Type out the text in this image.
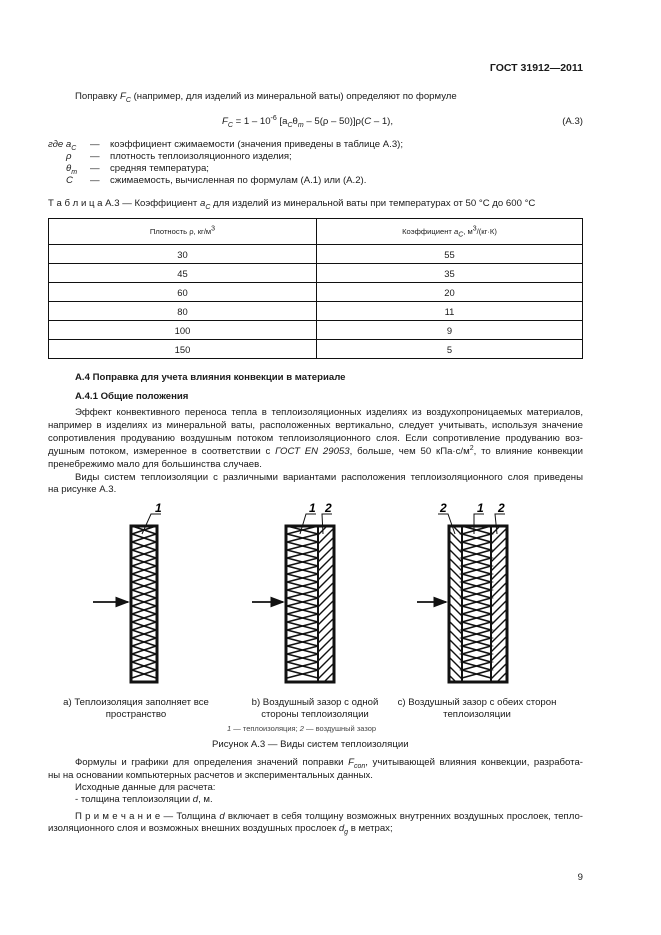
ГОСТ 31912—2011
Поправку $F_C$ (например, для изделий из минеральной ваты) определяют по формуле
$F_C = 1 - 10^{-6}$ $[a_C\theta_m - 5(\rho - 50)]\rho(C - 1)$,	(A.3)
где $a_C$ — коэффициент сжимаемости (значения приведены в таблице А.3);
ρ — плотность теплоизоляционного изделия;
$\theta_m$ — средняя температура;
C — сжимаемость, вычисленная по формулам (А.1) или (А.2).
Т а б л и ц а А.3 — Коэффициент $a_C$ для изделий из минеральной ваты при температурах от 50 °C до 600 °C
Плотность ρ, $кг/м^3$	Коэффициент $a_C$, $м^3/(кг\cdot К)$
30	55
45	35
60	20
80	11
100	9
150	5
А.4 Поправка для учета влияния конвекции в материале
А.4.1 Общие положения
Эффект конвективного переноса тепла в теплоизоляционных изделиях из воздухопроницаемых материалов,
например в изделиях из минеральной ваты, расположенных вертикально, следует учитывать, используя значение
сопротивления продуванию воздушным потоком теплоизоляционного слоя. Если сопротивление продуванию воз-
душным потоком, измеренное в соответствии с ГОСТ EN 29053, больше, чем 50 $кПа\cdot с/м^2$, то влияние конвекции
пренебрежимо мало для большинства случаев.
Виды систем теплоизоляции с различными вариантами расположения теплоизоляционного слоя приведены
на рисунке А.3.
1	1 2	2	1 2
а) Теплоизоляция заполняет все
пространство
b) Воздушный зазор с одной
стороны теплоизоляции
с) Воздушный зазор с обеих сторон
теплоизоляции
1 — теплоизоляция; 2 — воздушный зазор
Рисунок А.3 — Виды систем теплоизоляции
Формулы и графики для определения значений поправки $F_{con}$, учитывающей влияния конвекции, разработа-
ны на основании компьютерных расчетов и экспериментальных данных.
Исходные данные для расчета:
- толщина теплоизоляции d, м.
П р и м е ч а н и е — Толщина d включает в себя толщину возможных внутренних воздушных прослоек, тепло-
изоляционного слоя и возможных внешних воздушных прослоек $d_g$ в метрах;
9
